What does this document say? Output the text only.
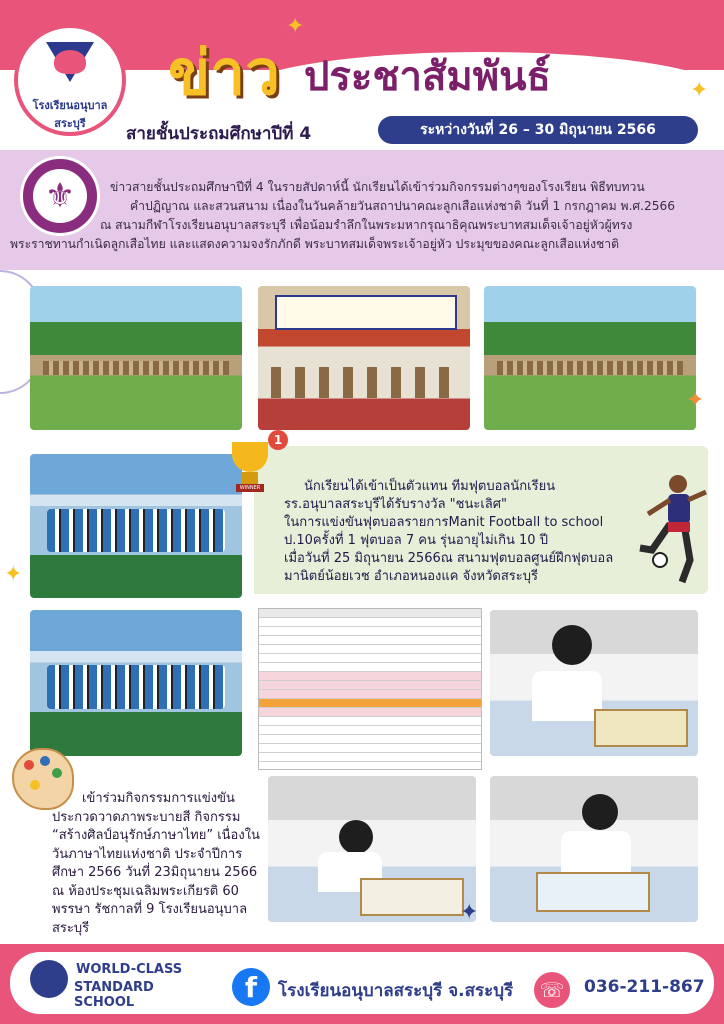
โรงเรียนอนุบาลสระบุรี
ข่าว ประชาสัมพันธ์
✦
✦
สายชั้นประถมศึกษาปีที่ 4	ระหว่างวันที่ 26 – 30 มิถุนายน 2566
⚜	ข่าวสายชั้นประถมศึกษาปีที่ 4 ในรายสัปดาห์นี้ นักเรียนได้เข้าร่วมกิจกรรมต่างๆของโรงเรียน พิธีทบทวน
คำปฏิญาณ และสวนสนาม เนื่องในวันคล้ายวันสถาปนาคณะลูกเสือแห่งชาติ วันที่ 1 กรกฎาคม พ.ศ.2566
ณ สนามกีฬาโรงเรียนอนุบาลสระบุรี เพื่อน้อมรำลึกในพระมหากรุณาธิคุณพระบาทสมเด็จเจ้าอยู่หัวผู้ทรง
พระราชทานกำเนิดลูกเสือไทย และแสดงความจงรักภักดี พระบาทสมเด็จพระเจ้าอยู่หัว ประมุขของคณะลูกเสือแห่งชาติ
✦
WINNER
1
นักเรียนได้เข้าเป็นตัวแทน ทีมฟุตบอลนักเรียน
รร.อนุบาลสระบุรีได้รับรางวัล "ชนะเลิศ"
ในการแข่งขันฟุตบอลรายการManit Football to school
ป.10ครั้งที่ 1 ฟุตบอล 7 คน รุ่นอายุไม่เกิน 10 ปี
เมื่อวันที่ 25 มิถุนายน 2566ณ สนามฟุตบอลศูนย์ฝึกฟุตบอล
มานิตย์น้อยเวช อำเภอหนองแค จังหวัดสระบุรี
✦
✦
เข้าร่วมกิจกรรมการแข่งขัน
ประกวดวาดภาพระบายสี กิจกรรม
“สร้างศิลป์อนุรักษ์ภาษาไทย” เนื่องใน
วันภาษาไทยแห่งชาติ ประจำปีการ
ศึกษา 2566 วันที่ 23มิถุนายน 2566
ณ ห้องประชุมเฉลิมพระเกียรติ 60
พรรษา รัชกาลที่ 9 โรงเรียนอนุบาล
สระบุรี
WORLD-CLASS
STANDARD SCHOOL	f	โรงเรียนอนุบาลสระบุรี จ.สระบุรี	☏	036-211-867
✦
